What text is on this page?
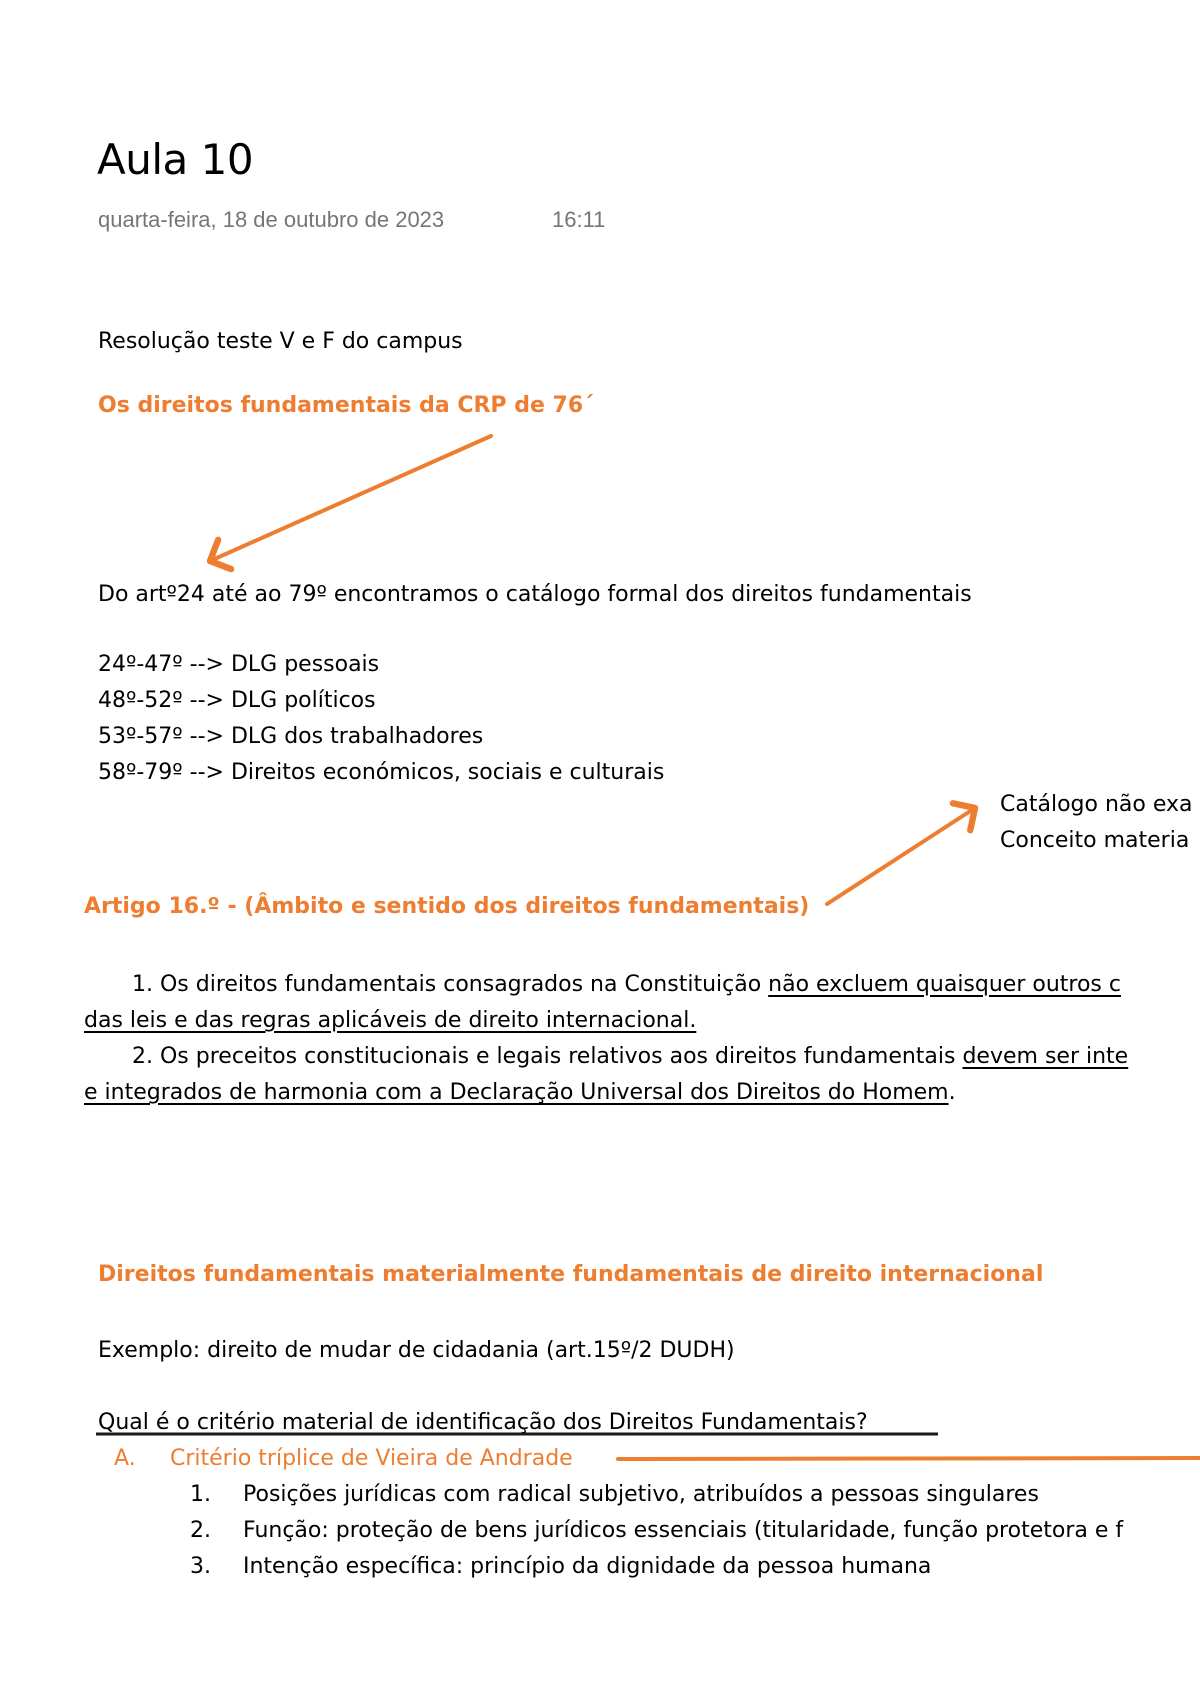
Aula 10
quarta-feira, 18 de outubro de 2023	16:11
Resolução teste V e F do campus
Os direitos fundamentais da CRP de 76´
Do artº24 até ao 79º encontramos o catálogo formal dos direitos fundamentais
24º-47º --> DLG pessoais
48º-52º --> DLG políticos
53º-57º --> DLG dos trabalhadores
58º-79º --> Direitos económicos, sociais e culturais
Catálogo não exa
Conceito materia
Artigo 16.º - (Âmbito e sentido dos direitos fundamentais)
1. Os direitos fundamentais consagrados na Constituição não excluem quaisquer outros c
das leis e das regras aplicáveis de direito internacional.
2. Os preceitos constitucionais e legais relativos aos direitos fundamentais devem ser inte
e integrados de harmonia com a Declaração Universal dos Direitos do Homem.
Direitos fundamentais materialmente fundamentais de direito internacional
Exemplo: direito de mudar de cidadania (art.15º/2 DUDH)
Qual é o critério material de identificação dos Direitos Fundamentais?
A. Critério tríplice de Vieira de Andrade
1. Posições jurídicas com radical subjetivo, atribuídos a pessoas singulares
2. Função: proteção de bens jurídicos essenciais (titularidade, função protetora e f
3. Intenção específica: princípio da dignidade da pessoa humana
